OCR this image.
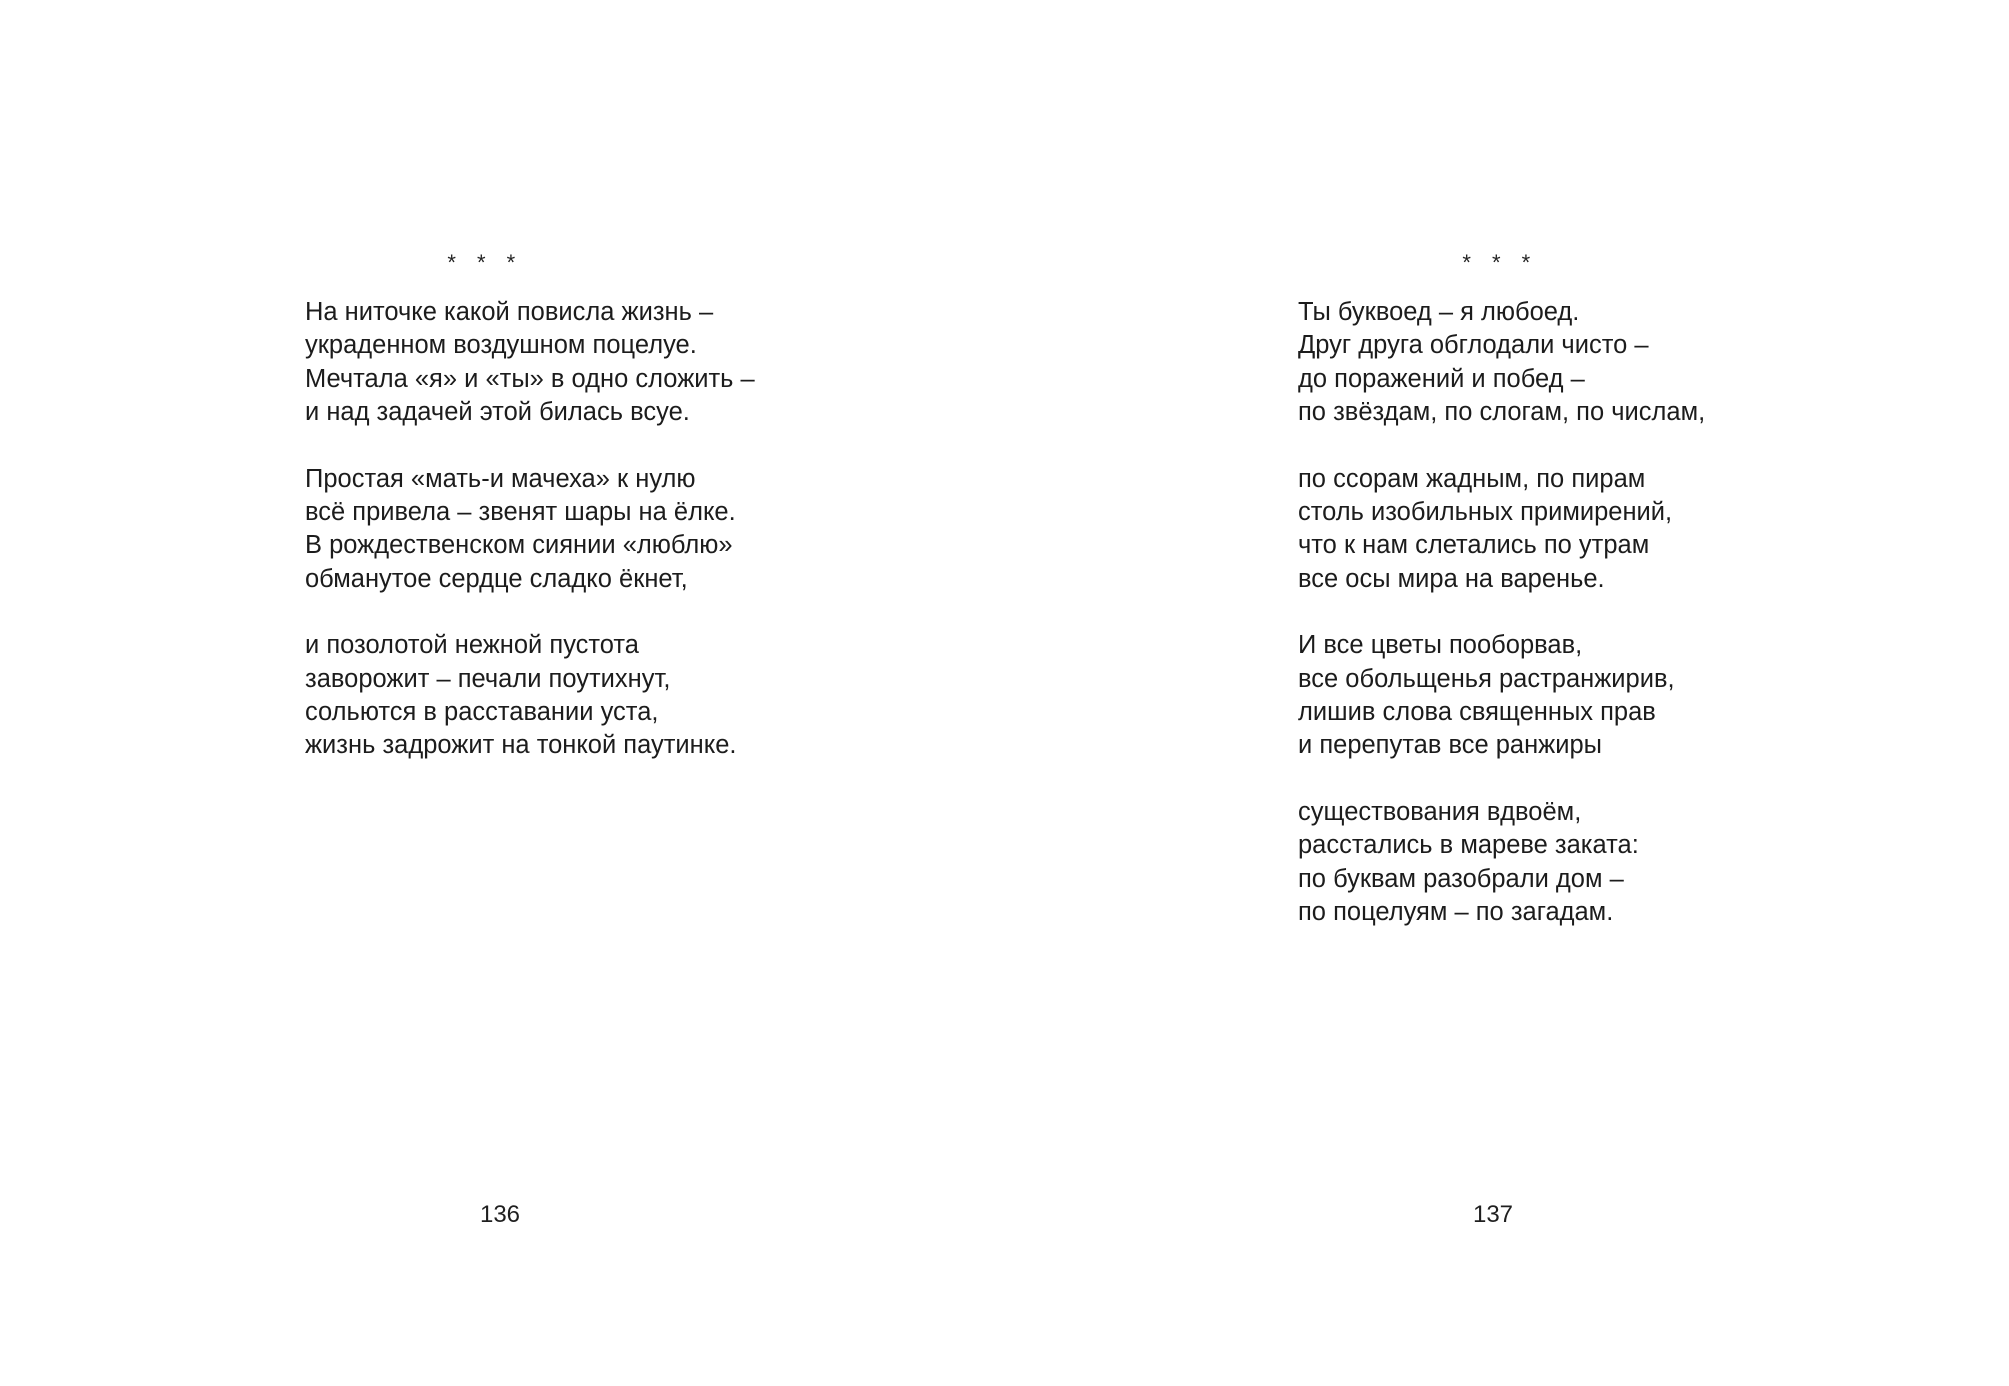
* * *
На ниточке какой повисла жизнь –
украденном воздушном поцелуе.
Мечтала «я» и «ты» в одно сложить –
и над задачей этой билась всуе.
Простая «мать-и мачеха» к нулю
всё привела – звенят шары на ёлке.
В рождественском сиянии «люблю»
обманутое сердце сладко ёкнет,
и позолотой нежной пустота
заворожит – печали поутихнут,
сольются в расставании уста,
жизнь задрожит на тонкой паутинке.
136
* * *
Ты буквоед – я любоед.
Друг друга обглодали чисто –
до поражений и побед –
по звёздам, по слогам, по числам,
по ссорам жадным, по пирам
столь изобильных примирений,
что к нам слетались по утрам
все осы мира на варенье.
И все цветы пооборвав,
все обольщенья растранжирив,
лишив слова священных прав
и перепутав все ранжиры
существования вдвоём,
расстались в мареве заката:
по буквам разобрали дом –
по поцелуям – по загадам.
137
